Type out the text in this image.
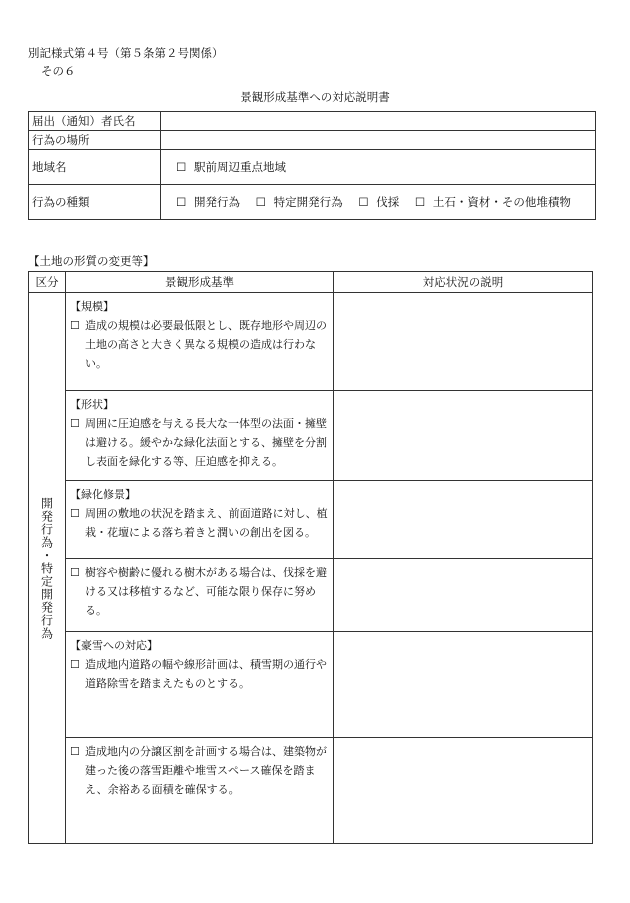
別記様式第４号（第５条第２号関係）
その６
景観形成基準への対応説明書
届出（通知）者氏名	
行為の場所	
地域名	☐ 駅前周辺重点地域
行為の種類	☐ 開発行為 ☐ 特定開発行為 ☐ 伐採 ☐ 土石・資材・その他堆積物
【土地の形質の変更等】
区分	景観形成基準	対応状況の説明

開発行為・特定開発行為	【規模】
☐ 造成の規模は必要最低限とし、既存地形や周辺の土地の高さと大きく異なる規模の造成は行わない。	

	【形状】
☐ 周囲に圧迫感を与える長大な一体型の法面・擁壁は避ける。緩やかな緑化法面とする、擁壁を分割し表面を緑化する等、圧迫感を抑える。	

	【緑化修景】
☐ 周囲の敷地の状況を踏まえ、前面道路に対し、植栽・花壇による落ち着きと潤いの創出を図る。	

	☐ 樹容や樹齢に優れる樹木がある場合は、伐採を避ける又は移植するなど、可能な限り保存に努める。	

	【豪雪への対応】
☐ 造成地内道路の幅や線形計画は、積雪期の通行や道路除雪を踏まえたものとする。	

	☐ 造成地内の分譲区割を計画する場合は、建築物が建った後の落雪距離や堆雪スペース確保を踏まえ、余裕ある面積を確保する。	
